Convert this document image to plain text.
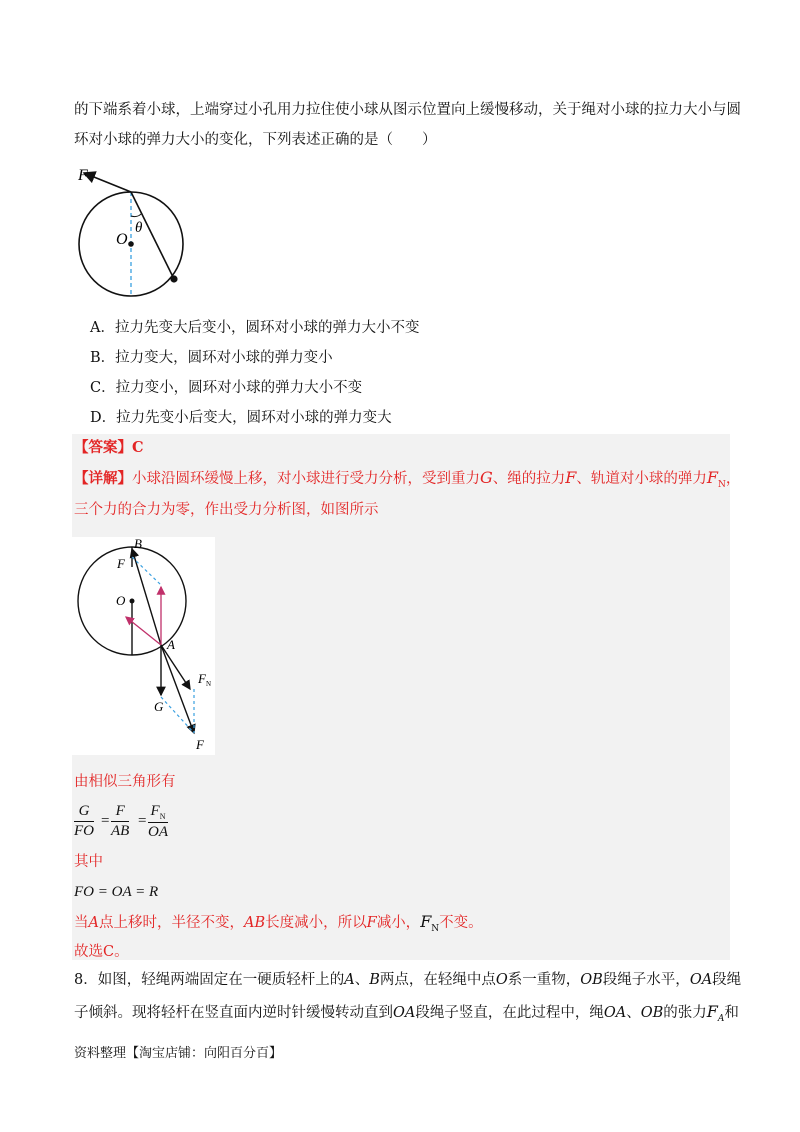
的下端系着小球，上端穿过小孔用力拉住使小球从图示位置向上缓慢移动，关于绳对小球的拉力大小与圆
环对小球的弹力大小的变化，下列表述正确的是（　　）
F
O
θ
A．拉力先变大后变小，圆环对小球的弹力大小不变
B．拉力变大，圆环对小球的弹力变小
C．拉力变小，圆环对小球的弹力大小不变
D．拉力先变小后变大，圆环对小球的弹力变大
【答案】C
【详解】小球沿圆环缓慢上移，对小球进行受力分析，受到重力G、绳的拉力F、轨道对小球的弹力$F_N$，
三个力的合力为零，作出受力分析图，如图所示
B
F
O
A
$F_N$
G
F
由相似三角形有
$\frac{G}{FO} = \frac{F}{AB} = \frac{F_N}{OA}$
其中
FO = OA = R
当A点上移时，半径不变，AB长度减小，所以F减小，$F_N$不变。
故选C。
8．如图，轻绳两端固定在一硬质轻杆上的A、B两点，在轻绳中点O系一重物，OB段绳子水平，OA段绳
子倾斜。现将轻杆在竖直面内逆时针缓慢转动直到OA段绳子竖直，在此过程中，绳OA、OB的张力$F_A$和
资料整理【淘宝店铺：向阳百分百】
